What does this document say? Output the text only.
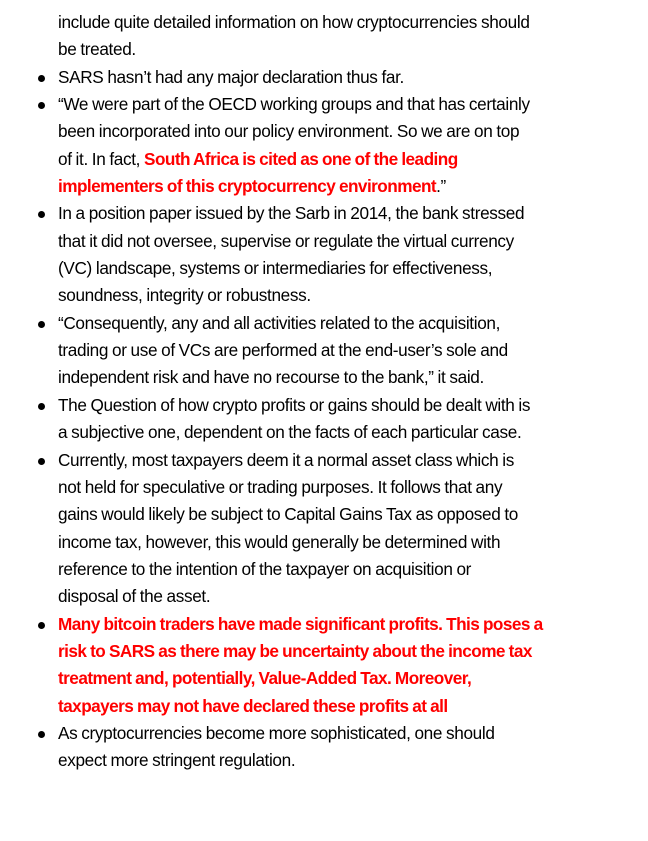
include quite detailed information on how cryptocurrencies should
be treated.
SARS hasn’t had any major declaration thus far.
“We were part of the OECD working groups and that has certainly
been incorporated into our policy environment. So we are on top
of it. In fact, South Africa is cited as one of the leading
implementers of this cryptocurrency environment.”
In a position paper issued by the Sarb in 2014, the bank stressed
that it did not oversee, supervise or regulate the virtual currency
(VC) landscape, systems or intermediaries for effectiveness,
soundness, integrity or robustness.
“Consequently, any and all activities related to the acquisition,
trading or use of VCs are performed at the end-user’s sole and
independent risk and have no recourse to the bank,” it said.
The Question of how crypto profits or gains should be dealt with is
a subjective one, dependent on the facts of each particular case.
Currently, most taxpayers deem it a normal asset class which is
not held for speculative or trading purposes. It follows that any
gains would likely be subject to Capital Gains Tax as opposed to
income tax, however, this would generally be determined with
reference to the intention of the taxpayer on acquisition or
disposal of the asset.
Many bitcoin traders have made significant profits. This poses a
risk to SARS as there may be uncertainty about the income tax
treatment and, potentially, Value-Added Tax. Moreover,
taxpayers may not have declared these profits at all
As cryptocurrencies become more sophisticated, one should
expect more stringent regulation.
